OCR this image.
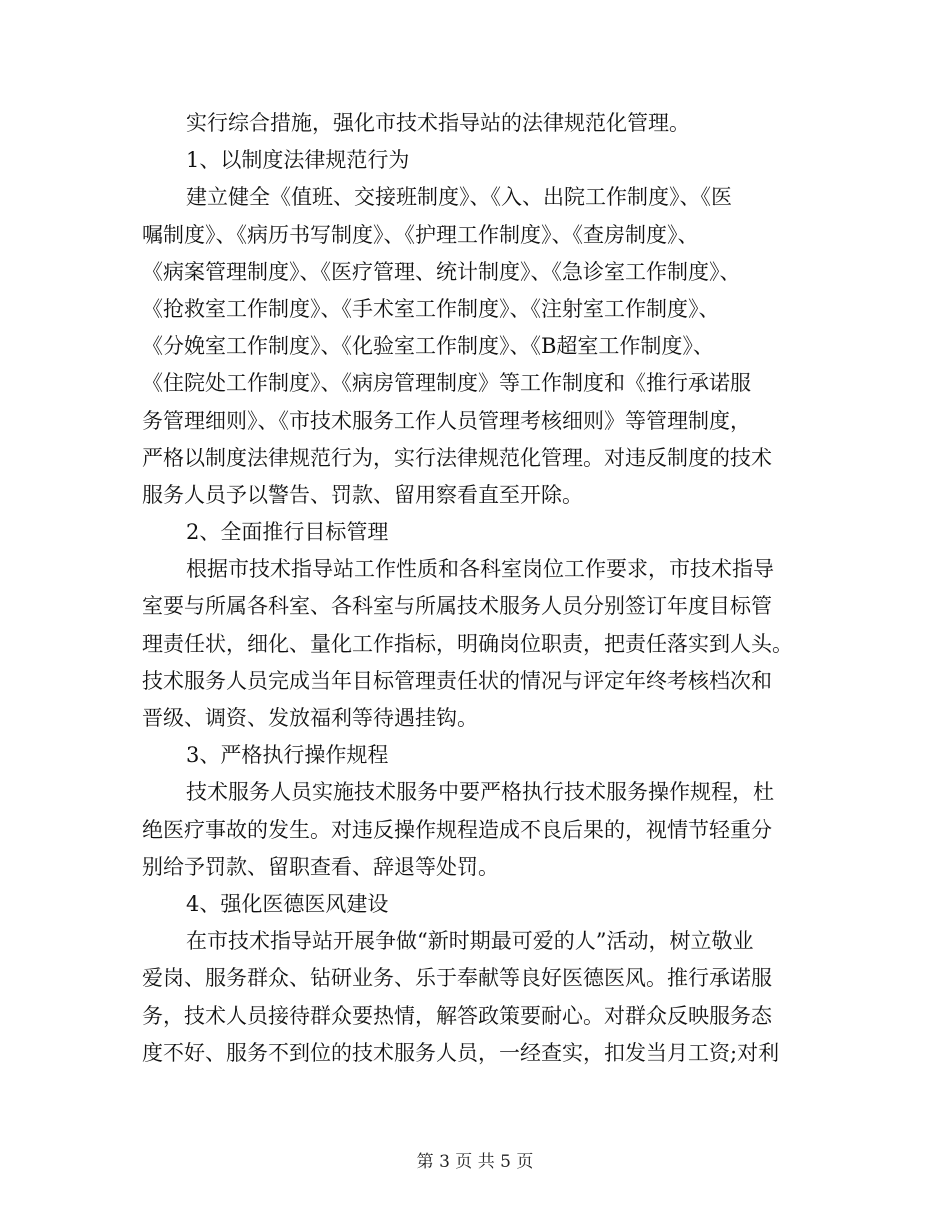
实行综合措施，强化市技术指导站的法律规范化管理。
1、以制度法律规范行为
建立健全《值班、交接班制度》、《入、出院工作制度》、《医
嘱制度》、《病历书写制度》、《护理工作制度》、《查房制度》、
《病案管理制度》、《医疗管理、统计制度》、《急诊室工作制度》、
《抢救室工作制度》、《手术室工作制度》、《注射室工作制度》、
《分娩室工作制度》、《化验室工作制度》、《B超室工作制度》、
《住院处工作制度》、《病房管理制度》等工作制度和《推行承诺服
务管理细则》、《市技术服务工作人员管理考核细则》等管理制度，
严格以制度法律规范行为，实行法律规范化管理。对违反制度的技术
服务人员予以警告、罚款、留用察看直至开除。
2、全面推行目标管理
根据市技术指导站工作性质和各科室岗位工作要求，市技术指导
室要与所属各科室、各科室与所属技术服务人员分别签订年度目标管
理责任状，细化、量化工作指标，明确岗位职责，把责任落实到人头。
技术服务人员完成当年目标管理责任状的情况与评定年终考核档次和
晋级、调资、发放福利等待遇挂钩。
3、严格执行操作规程
技术服务人员实施技术服务中要严格执行技术服务操作规程，杜
绝医疗事故的发生。对违反操作规程造成不良后果的，视情节轻重分
别给予罚款、留职查看、辞退等处罚。
4、强化医德医风建设
在市技术指导站开展争做“新时期最可爱的人”活动，树立敬业
爱岗、服务群众、钻研业务、乐于奉献等良好医德医风。推行承诺服
务，技术人员接待群众要热情，解答政策要耐心。对群众反映服务态
度不好、服务不到位的技术服务人员，一经查实，扣发当月工资;对利
第 3 页 共 5 页
